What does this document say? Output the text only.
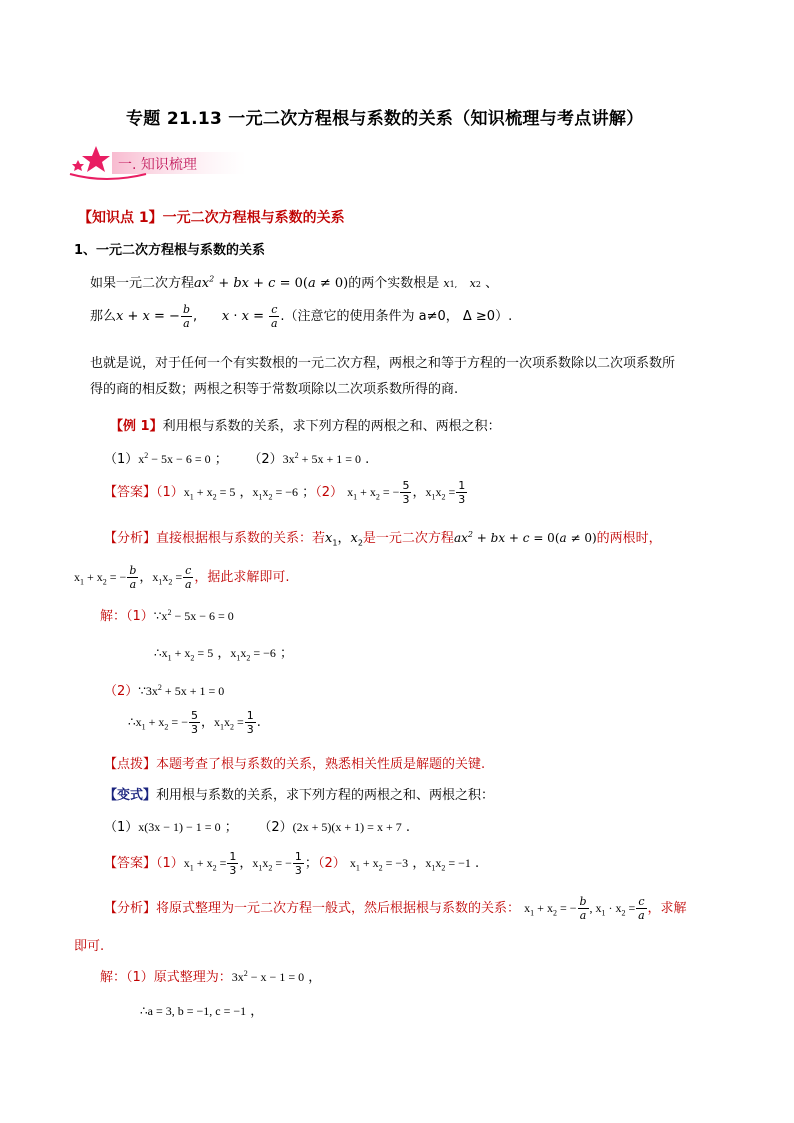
专题 21.13 一元二次方程根与系数的关系（知识梳理与考点讲解）
一. 知识梳理
【知识点 1】一元二次方程根与系数的关系
1、一元二次方程根与系数的关系
如果一元二次方程$ax^2$ + bx + c = 0(a ≠ 0)的两个实数根是 x1, x2 、
那么x + x = − $\frac{b}{a}$ ,      $x \cdot x = \frac{c}{a}$ .（注意它的使用条件为 a≠0， Δ ≥0）.
也就是说，对于任何一个有实数根的一元二次方程，两根之和等于方程的一次项系数除以二次项系数所
得的商的相反数；两根之积等于常数项除以二次项系数所得的商.
【例 1】利用根与系数的关系，求下列方程的两根之和、两根之积：
$(1)x^2 - 5x - 6 = 0$ ；     $(2)3x^2 + 5x + 1 = 0$ .
【答案】$(1)x_1 + x_2 = 5$ ，$x_1x_2 = -6$ ；（2） $x_1 + x_2$ = − $\frac{5}{3}$ ，$x_1x_2 = \frac{1}{3}$
【分析】直接根据根与系数的关系：若$x_1$，$x_2$是一元二次方程$ax^2$ + bx + c = 0(a ≠ 0)的两根时，
$x_1 + x_2$ = − $\frac{b}{a}$ ，$x_1x_2 = \frac{c}{a}$ ，据此求解即可.
解：$(1)\because x^2 - 5x - 6 = 0$
$\therefore x_1 + x_2 = 5$ ，$x_1x_2 = -6$ ；
$(2)\because 3x^2 + 5x + 1 = 0$
$\therefore x_1 + x_2$ = − $\frac{5}{3}$ ，$x_1x_2 = \frac{1}{3}$ .
【点拨】本题考查了根与系数的关系，熟悉相关性质是解题的关键.
【变式】利用根与系数的关系，求下列方程的两根之和、两根之积：
（1）x(3x − 1) − 1 = 0 ；     （2）(2x + 5)(x + 1) = x + 7 .
【答案】$(1)x_1 + x_2 = \frac{1}{3}$ ，$x_1x_2$ = − $\frac{1}{3}$ ；（2） $x_1 + x_2 = -3$ ，$x_1x_2 = -1$ .
【分析】将原式整理为一元二次方程一般式，然后根据根与系数的关系： $x_1 + x_2$ = − $\frac{b}{a}$ , $x_1 \cdot x_2 = \frac{c}{a}$ ，求解
即可.
解：（1）原式整理为：$3x^2 - x - 1 = 0$ ，
∴a = 3, b = −1, c = −1 ，
